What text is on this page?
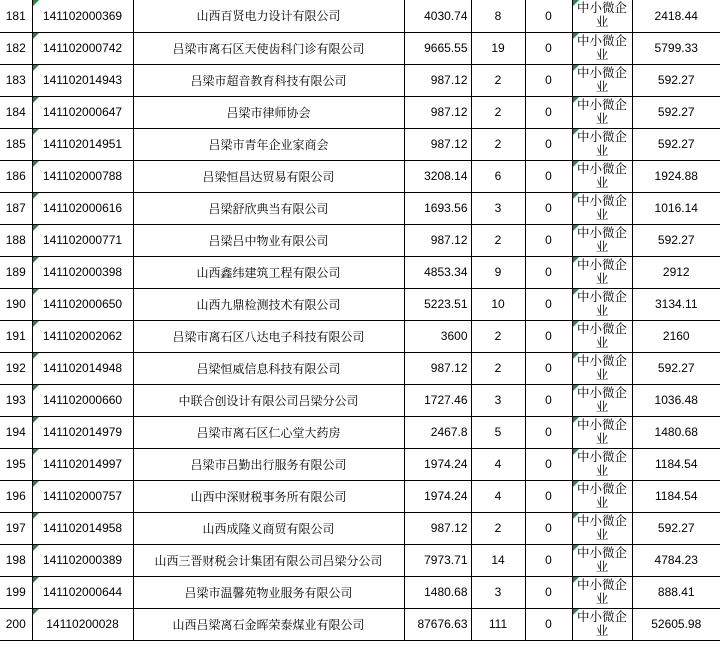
181	141102000369	山西百贤电力设计有限公司	4030.74	8	0	中小微企业	2418.44
182	141102000742	吕梁市离石区天使齿科门诊有限公司	9665.55	19	0	中小微企业	5799.33
183	141102014943	吕梁市超音教育科技有限公司	987.12	2	0	中小微企业	592.27
184	141102000647	吕梁市律师协会	987.12	2	0	中小微企业	592.27
185	141102014951	吕梁市青年企业家商会	987.12	2	0	中小微企业	592.27
186	141102000788	吕梁恒昌达贸易有限公司	3208.14	6	0	中小微企业	1924.88
187	141102000616	吕梁舒欣典当有限公司	1693.56	3	0	中小微企业	1016.14
188	141102000771	吕梁吕中物业有限公司	987.12	2	0	中小微企业	592.27
189	141102000398	山西鑫纬建筑工程有限公司	4853.34	9	0	中小微企业	2912
190	141102000650	山西九鼎检测技术有限公司	5223.51	10	0	中小微企业	3134.11
191	141102002062	吕梁市离石区八达电子科技有限公司	3600	2	0	中小微企业	2160
192	141102014948	吕梁恒威信息科技有限公司	987.12	2	0	中小微企业	592.27
193	141102000660	中联合创设计有限公司吕梁分公司	1727.46	3	0	中小微企业	1036.48
194	141102014979	吕梁市离石区仁心堂大药房	2467.8	5	0	中小微企业	1480.68
195	141102014997	吕梁市吕勤出行服务有限公司	1974.24	4	0	中小微企业	1184.54
196	141102000757	山西中深财税事务所有限公司	1974.24	4	0	中小微企业	1184.54
197	141102014958	山西成隆义商贸有限公司	987.12	2	0	中小微企业	592.27
198	141102000389	山西三晋财税会计集团有限公司吕梁分公司	7973.71	14	0	中小微企业	4784.23
199	141102000644	吕梁市温馨苑物业服务有限公司	1480.68	3	0	中小微企业	888.41
200	14110200028	山西吕梁离石金晖荣泰煤业有限公司	87676.63	111	0	中小微企业	52605.98
